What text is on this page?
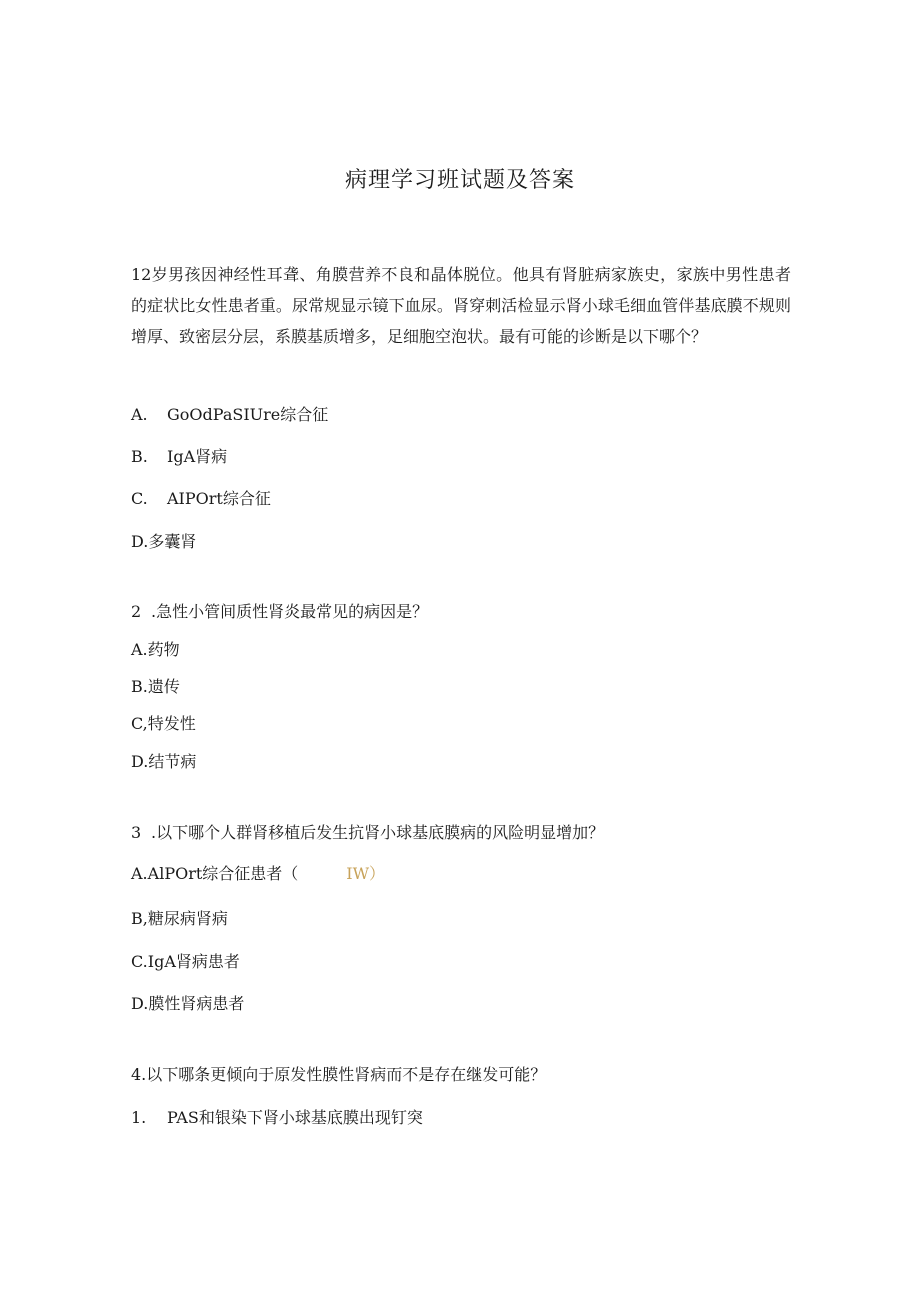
病理学习班试题及答案
12岁男孩因神经性耳聋、角膜营养不良和晶体脱位。他具有肾脏病家族史，家族中男性患者的症状比女性患者重。尿常规显示镜下血尿。肾穿刺活检显示肾小球毛细血管伴基底膜不规则增厚、致密层分层，系膜基质增多，足细胞空泡状。最有可能的诊断是以下哪个？
A. GoOdPaSIUre综合征
B. IgA肾病
C. AIPOrt综合征
D.多囊肾
2 .急性小管间质性肾炎最常见的病因是？
A.药物
B.遗传
C,特发性
D.结节病
3 .以下哪个人群肾移植后发生抗肾小球基底膜病的风险明显增加？
A.AlPOrt综合征患者（	IW）
B,糖尿病肾病
C.IgA肾病患者
D.膜性肾病患者
4.以下哪条更倾向于原发性膜性肾病而不是存在继发可能？
1. PAS和银染下肾小球基底膜出现钉突
